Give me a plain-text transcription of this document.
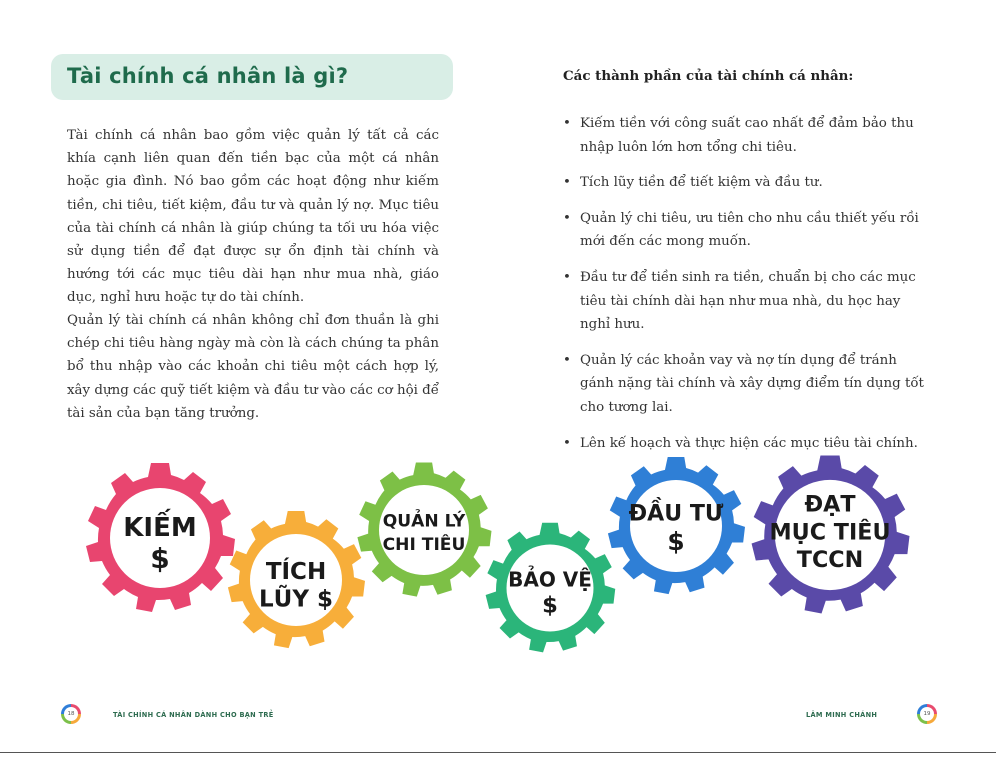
Tài chính cá nhân là gì?

Tài chính cá nhân bao gồm việc quản lý tất cả các khía cạnh liên quan đến tiền bạc của một cá nhân hoặc gia đình. Nó bao gồm các hoạt động như kiếm tiền, chi tiêu, tiết kiệm, đầu tư và quản lý nợ. Mục tiêu của tài chính cá nhân là giúp chúng ta tối ưu hóa việc sử dụng tiền để đạt được sự ổn định tài chính và hướng tới các mục tiêu dài hạn như mua nhà, giáo dục, nghỉ hưu hoặc tự do tài chính.

Quản lý tài chính cá nhân không chỉ đơn thuần là ghi chép chi tiêu hàng ngày mà còn là cách chúng ta phân bổ thu nhập vào các khoản chi tiêu một cách hợp lý, xây dựng các quỹ tiết kiệm và đầu tư vào các cơ hội để tài sản của bạn tăng trưởng.

Các thành phần của tài chính cá nhân:

• Kiếm tiền với công suất cao nhất để đảm bảo thu nhập luôn lớn hơn tổng chi tiêu.
• Tích lũy tiền để tiết kiệm và đầu tư.
• Quản lý chi tiêu, ưu tiên cho nhu cầu thiết yếu rồi mới đến các mong muốn.
• Đầu tư để tiền sinh ra tiền, chuẩn bị cho các mục tiêu tài chính dài hạn như mua nhà, du học hay nghỉ hưu.
• Quản lý các khoản vay và nợ tín dụng để tránh gánh nặng tài chính và xây dựng điểm tín dụng tốt cho tương lai.
• Lên kế hoạch và thực hiện các mục tiêu tài chính.
KIẾM
$	TÍCH
LŨY $
QUẢN LÝ
CHI TIÊU
BẢO VỆ
$
ĐẦU TƯ
$
ĐẠT
MỤC TIÊU
TCCN
18	TÀI CHÍNH CÁ NHÂN DÀNH CHO BẠN TRẺ	LÂM MINH CHÁNH	19
